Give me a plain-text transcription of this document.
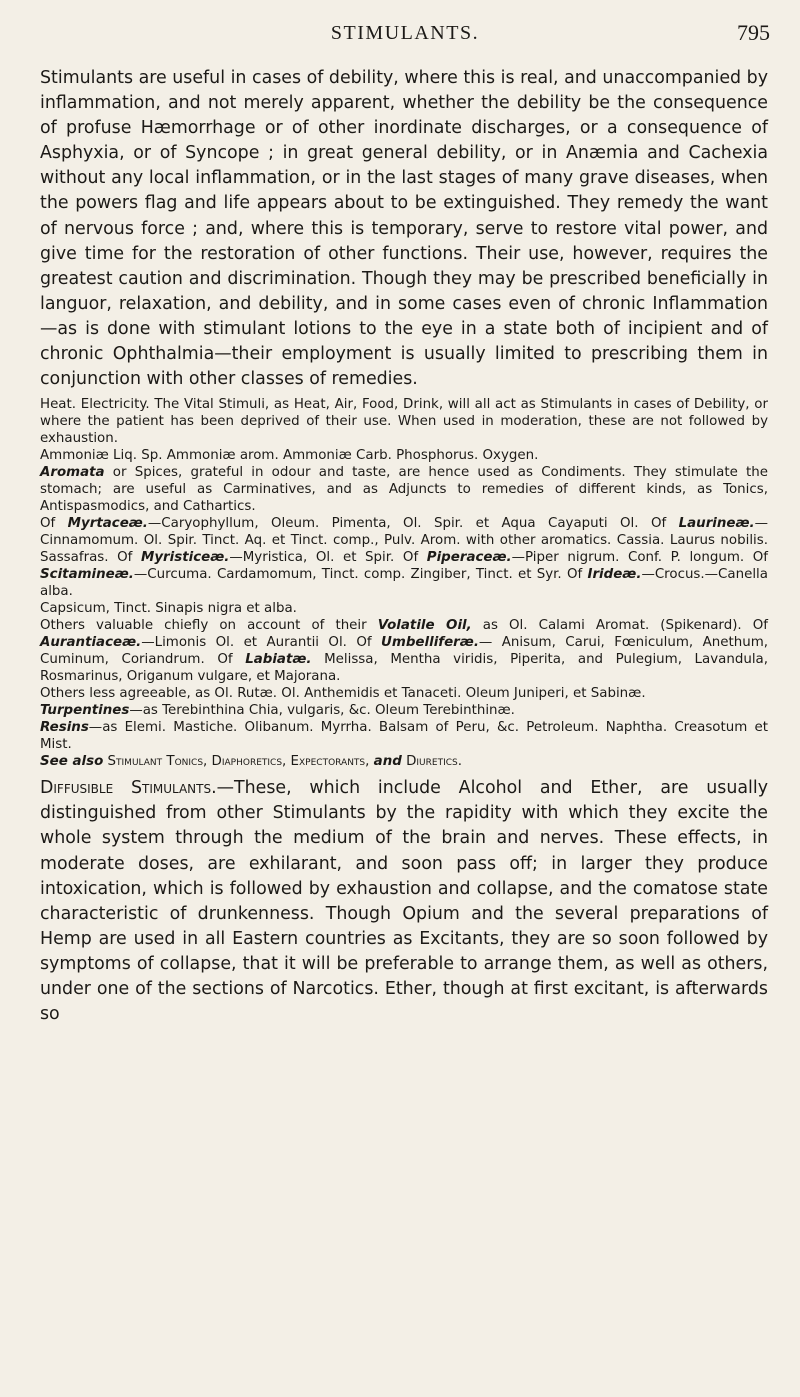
STIMULANTS.	795

Stimulants are useful in cases of debility, where this is real, and unaccompanied by inflammation, and not merely apparent, whether the debility be the consequence of profuse Hæmorrhage or of other inordinate discharges, or a consequence of Asphyxia, or of Syncope ; in great general debility, or in Anæmia and Cachexia without any local inflammation, or in the last stages of many grave diseases, when the powers flag and life appears about to be extinguished. They remedy the want of nervous force ; and, where this is temporary, serve to restore vital power, and give time for the restoration of other functions. Their use, however, requires the greatest caution and discrimination. Though they may be prescribed beneficially in languor, relaxation, and debility, and in some cases even of chronic Inflammation—as is done with stimulant lotions to the eye in a state both of incipient and of chronic Ophthalmia—their employment is usually limited to prescribing them in conjunction with other classes of remedies.

Heat. Electricity. The Vital Stimuli, as Heat, Air, Food, Drink, will all act as Stimulants in cases of Debility, or where the patient has been deprived of their use. When used in moderation, these are not followed by exhaustion.

Ammoniæ Liq. Sp. Ammoniæ arom. Ammoniæ Carb. Phosphorus. Oxygen.

Aromata or Spices, grateful in odour and taste, are hence used as Condiments. They stimulate the stomach; are useful as Carminatives, and as Adjuncts to remedies of different kinds, as Tonics, Antispasmodics, and Cathartics.

Of Myrtaceæ.—Caryophyllum, Oleum. Pimenta, Ol. Spir. et Aqua Cayaputi Ol. Of Laurineæ.—Cinnamomum. Ol. Spir. Tinct. Aq. et Tinct. comp., Pulv. Arom. with other aromatics. Cassia. Laurus nobilis. Sassafras. Of Myristiceæ.—Myristica, Ol. et Spir. Of Piperaceæ.—Piper nigrum. Conf. P. longum. Of Scitamineæ.—Curcuma. Cardamomum, Tinct. comp. Zingiber, Tinct. et Syr. Of Irideæ.—Crocus.—Canella alba.

Capsicum, Tinct. Sinapis nigra et alba.

Others valuable chiefly on account of their Volatile Oil, as Ol. Calami Aromat. (Spikenard). Of Aurantiaceæ.—Limonis Ol. et Aurantii Ol. Of Umbelliferæ.— Anisum, Carui, Fœniculum, Anethum, Cuminum, Coriandrum. Of Labiatæ. Melissa, Mentha viridis, Piperita, and Pulegium, Lavandula, Rosmarinus, Origanum vulgare, et Majorana.

Others less agreeable, as Ol. Rutæ. Ol. Anthemidis et Tanaceti. Oleum Juniperi, et Sabinæ.

Turpentines—as Terebinthina Chia, vulgaris, &c. Oleum Terebinthinæ.

Resins—as Elemi. Mastiche. Olibanum. Myrrha. Balsam of Peru, &c. Petroleum. Naphtha. Creasotum et Mist.

See also Stimulant Tonics, Diaphoretics, Expectorants, and Diuretics.

Diffusible Stimulants.—These, which include Alcohol and Ether, are usually distinguished from other Stimulants by the rapidity with which they excite the whole system through the medium of the brain and nerves. These effects, in moderate doses, are exhilarant, and soon pass off; in larger they produce intoxication, which is followed by exhaustion and collapse, and the comatose state characteristic of drunkenness. Though Opium and the several preparations of Hemp are used in all Eastern countries as Excitants, they are so soon followed by symptoms of collapse, that it will be preferable to arrange them, as well as others, under one of the sections of Narcotics. Ether, though at first excitant, is afterwards so
